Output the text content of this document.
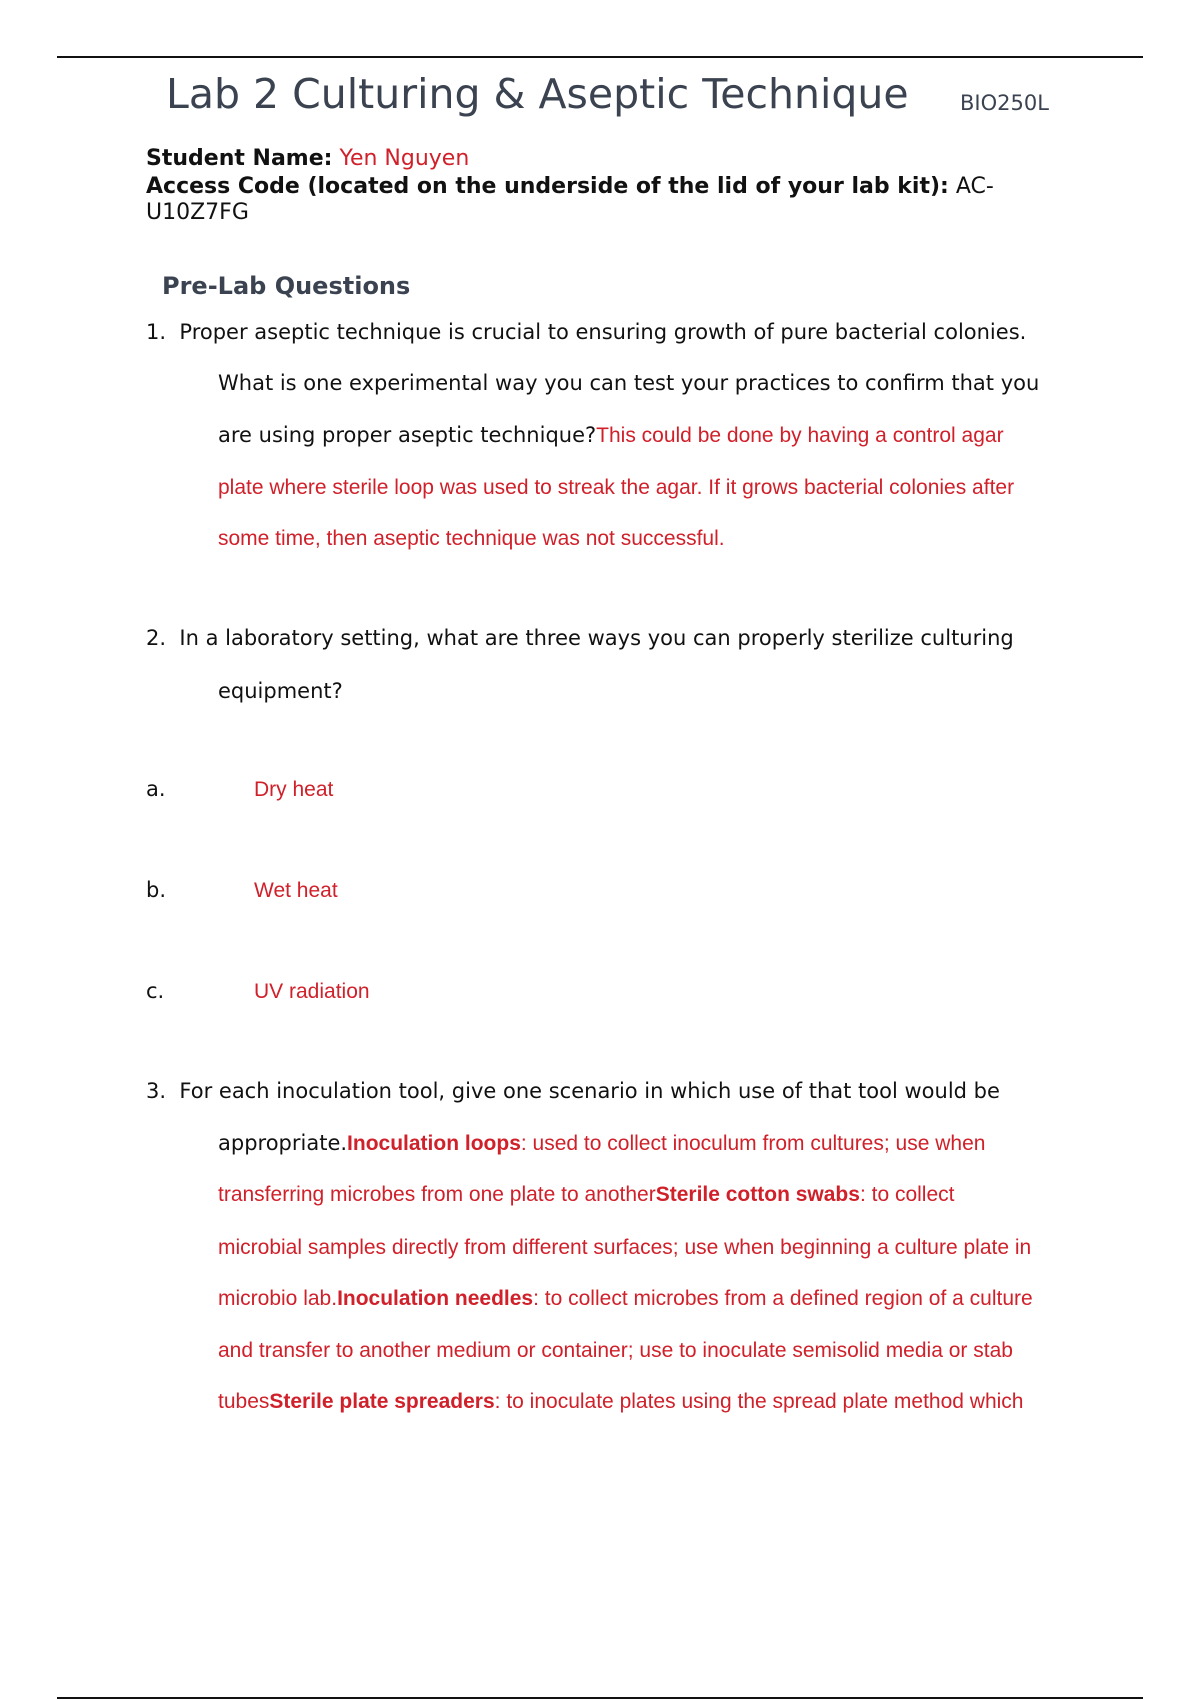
Lab 2 Culturing & Aseptic Technique BIO250L
Student Name: Yen Nguyen
Access Code (located on the underside of the lid of your lab kit): AC-
U10Z7FG
Pre-Lab Questions
1. Proper aseptic technique is crucial to ensuring growth of pure bacterial colonies.
What is one experimental way you can test your practices to confirm that you
are using proper aseptic technique?This could be done by having a control agar
plate where sterile loop was used to streak the agar. If it grows bacterial colonies after
some time, then aseptic technique was not successful.
2. In a laboratory setting, what are three ways you can properly sterilize culturing
equipment?
a.	Dry heat
b.	Wet heat
c.	UV radiation
3. For each inoculation tool, give one scenario in which use of that tool would be
appropriate.Inoculation loops: used to collect inoculum from cultures; use when
transferring microbes from one plate to anotherSterile cotton swabs: to collect
microbial samples directly from different surfaces; use when beginning a culture plate in
microbio lab.Inoculation needles: to collect microbes from a defined region of a culture
and transfer to another medium or container; use to inoculate semisolid media or stab
tubesSterile plate spreaders: to inoculate plates using the spread plate method which
